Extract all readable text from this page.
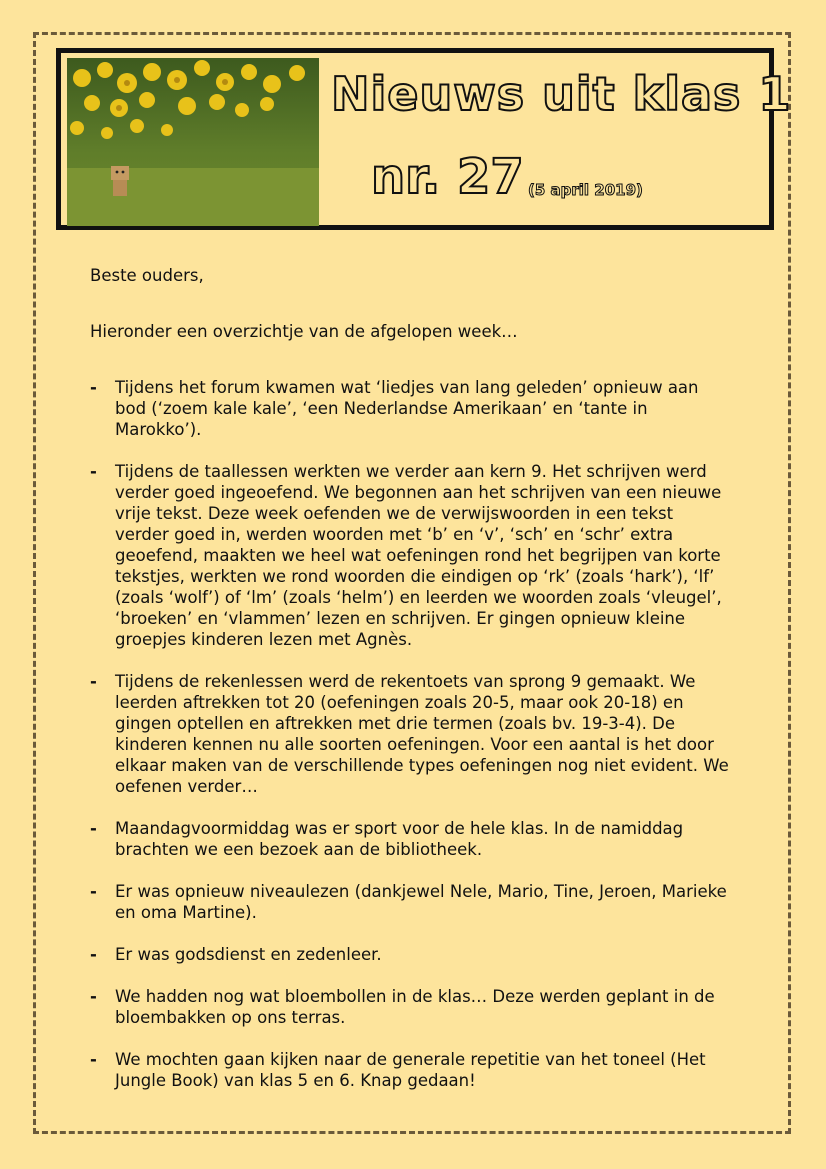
Nieuws uit klas 1
nr. 27 (5 april 2019)

Beste ouders,

Hieronder een overzichtje van de afgelopen week…

- Tijdens het forum kwamen wat ‘liedjes van lang geleden’ opnieuw aan bod (‘zoem kale kale’, ‘een Nederlandse Amerikaan’ en ‘tante in Marokko’).
- Tijdens de taallessen werkten we verder aan kern 9. Het schrijven werd verder goed ingeoefend. We begonnen aan het schrijven van een nieuwe vrije tekst. Deze week oefenden we de verwijswoorden in een tekst verder goed in, werden woorden met ‘b’ en ‘v’, ‘sch’ en ‘schr’ extra geoefend, maakten we heel wat oefeningen rond het begrijpen van korte tekstjes, werkten we rond woorden die eindigen op ‘rk’ (zoals ‘hark’), ‘lf’ (zoals ‘wolf’) of ‘lm’ (zoals ‘helm’) en leerden we woorden zoals ‘vleugel’, ‘broeken’ en ‘vlammen’ lezen en schrijven. Er gingen opnieuw kleine groepjes kinderen lezen met Agnès.
- Tijdens de rekenlessen werd de rekentoets van sprong 9 gemaakt. We leerden aftrekken tot 20 (oefeningen zoals 20-5, maar ook 20-18) en gingen optellen en aftrekken met drie termen (zoals bv. 19-3-4). De kinderen kennen nu alle soorten oefeningen. Voor een aantal is het door elkaar maken van de verschillende types oefeningen nog niet evident. We oefenen verder…
- Maandagvoormiddag was er sport voor de hele klas. In de namiddag brachten we een bezoek aan de bibliotheek.
- Er was opnieuw niveaulezen (dankjewel Nele, Mario, Tine, Jeroen, Marieke en oma Martine).
- Er was godsdienst en zedenleer.
- We hadden nog wat bloembollen in de klas… Deze werden geplant in de bloembakken op ons terras.
- We mochten gaan kijken naar de generale repetitie van het toneel (Het Jungle Book) van klas 5 en 6. Knap gedaan!
